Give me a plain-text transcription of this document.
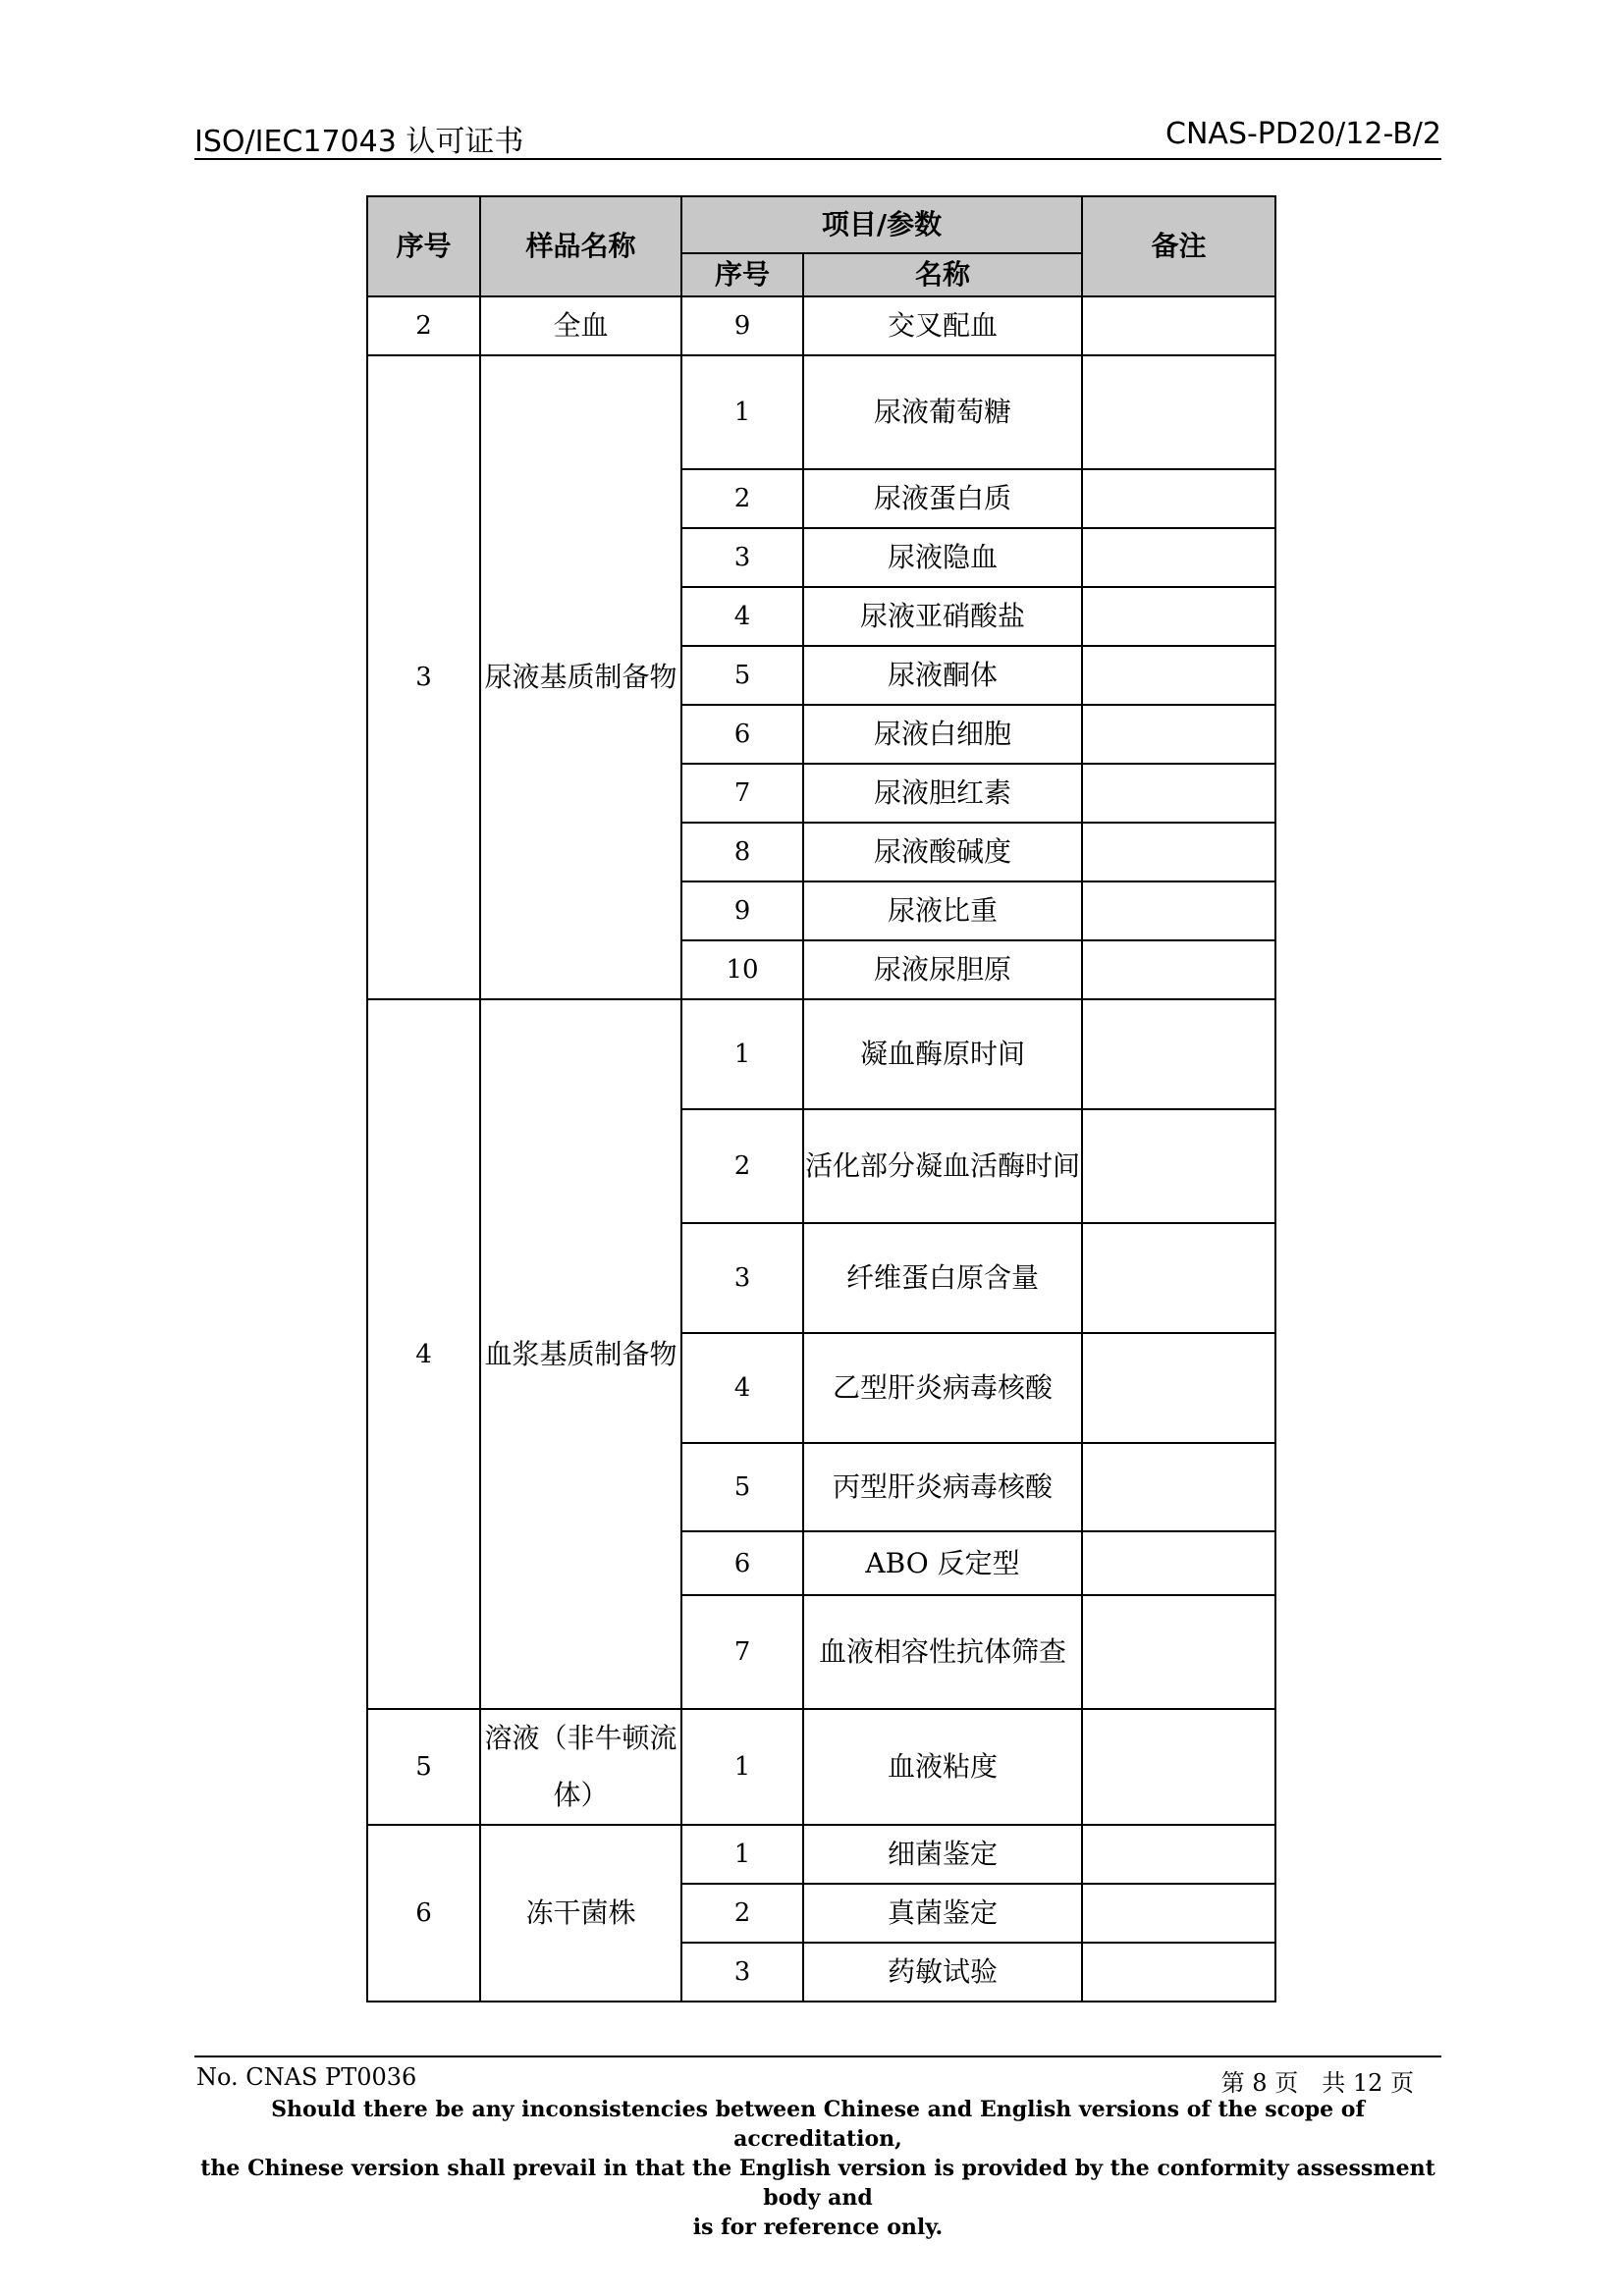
ISO/IEC17043 认可证书	CNAS-PD20/12-B/2
序号	样品名称	项目/参数		备注
		序号	名称	
2	全血	9	交叉配血	
3	尿液基质制备物	1	尿液葡萄糖	
		2	尿液蛋白质	
		3	尿液隐血	
		4	尿液亚硝酸盐	
		5	尿液酮体	
		6	尿液白细胞	
		7	尿液胆红素	
		8	尿液酸碱度	
		9	尿液比重	
		10	尿液尿胆原	
4	血浆基质制备物	1	凝血酶原时间	
		2	活化部分凝血活酶时间	
		3	纤维蛋白原含量	
		4	乙型肝炎病毒核酸	
		5	丙型肝炎病毒核酸	
		6	ABO 反定型	
		7	血液相容性抗体筛查	
5	溶液（非牛顿流体）	1	血液粘度	
6	冻干菌株	1	细菌鉴定	
		2	真菌鉴定	
		3	药敏试验	
No. CNAS PT0036	第 8 页　共 12 页
Should there be any inconsistencies between Chinese and English versions of the scope of accreditation,
the Chinese version shall prevail in that the English version is provided by the conformity assessment body and
is for reference only.
